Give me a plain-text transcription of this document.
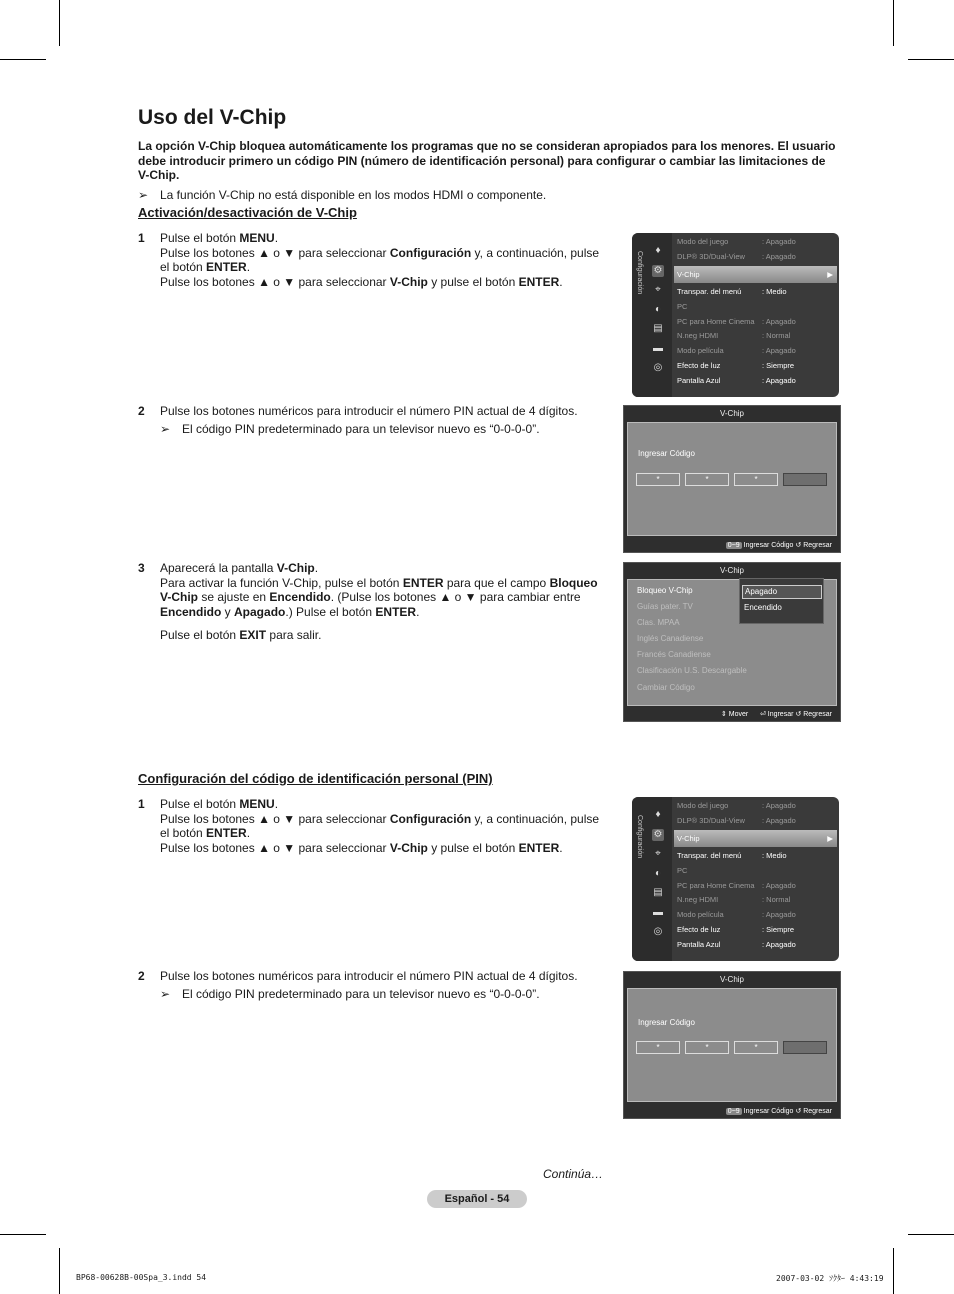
Uso del V-Chip
La opción V-Chip bloquea automáticamente los programas que no se consideran apropiados para los menores. El usuario debe introducir primero un código PIN (número de identificación personal) para configurar o cambiar las limitaciones de V-Chip.
➢ La función V-Chip no está disponible en los modos HDMI o componente.
Activación/desactivación de V-Chip
1 Pulse el botón MENU.

Pulse los botones ▲ o ▼ para seleccionar Configuración y, a continuación, pulse el botón ENTER.

Pulse los botones ▲ o ▼ para seleccionar V-Chip y pulse el botón ENTER.	Configuración
♦
⚙
⌖
◐
▤
▬
◎
Modo del juego	: Apagado
DLP® 3D/Dual-View : Apagado
V-Chip	▶
Transpar. del menú	: Medio
PC
PC para Home Cinema : Apagado
N.neg HDMI	: Normal
Modo película	: Apagado
Efecto de luz	: Siempre
Pantalla Azul	: Apagado
2 Pulse los botones numéricos para introducir el número PIN actual de 4 dígitos.

➢ El código PIN predeterminado para un televisor nuevo es “0-0-0-0”.

V-Chip
Ingresar Código
*	*	*
0~9 Ingresar Código ↺ Regresar
3 Aparecerá la pantalla V-Chip.

Para activar la función V-Chip, pulse el botón ENTER para que el campo Bloqueo V-Chip se ajuste en Encendido. (Pulse los botones ▲ o ▼ para cambiar entre Encendido y Apagado.) Pulse el botón ENTER.

Pulse el botón EXIT para salir.

V-Chip
Bloqueo V-Chip
Guías pater. TV
Clas. MPAA
Inglés Canadiense
Francés Canadiense
Clasificación U.S. Descargable
Cambiar Código
Apagado
Encendido
⇕ Mover ⏎ Ingresar ↺ Regresar
Configuración del código de identificación personal (PIN)
1 Pulse el botón MENU.

Pulse los botones ▲ o ▼ para seleccionar Configuración y, a continuación, pulse el botón ENTER.

Pulse los botones ▲ o ▼ para seleccionar V-Chip y pulse el botón ENTER.	Configuración
♦
⚙
⌖
◐
▤
▬
◎
Modo del juego	: Apagado
DLP® 3D/Dual-View : Apagado
V-Chip	▶
Transpar. del menú	: Medio
PC
PC para Home Cinema : Apagado
N.neg HDMI	: Normal
Modo película	: Apagado
Efecto de luz	: Siempre
Pantalla Azul	: Apagado
2 Pulse los botones numéricos para introducir el número PIN actual de 4 dígitos.

➢ El código PIN predeterminado para un televisor nuevo es “0-0-0-0”.

V-Chip
Ingresar Código
*	*	*
0~9 Ingresar Código ↺ Regresar
Continúa…
Español - 54
BP68-00628B-00Spa_3.indd 54	2007-03-02 ｿｸﾀｰ 4:43:19
